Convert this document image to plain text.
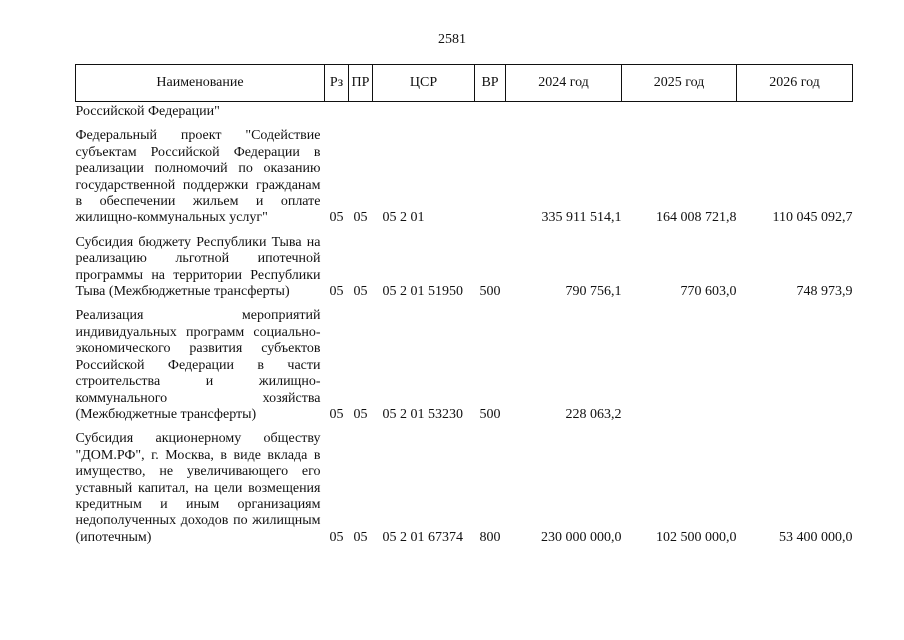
2581
Наименование	Рз	ПР	ЦСР	ВР	2024 год	2025 год	2026 год
Российской Федерации"							

Федеральный проект "Содействие субъектам Российской Федерации в реализации полномочий по оказанию государственной поддержки гражданам в обеспечении жильем и оплате жилищно-коммунальных услуг"	05	05	05 2 01		335 911 514,1	164 008 721,8	110 045 092,7

Субсидия бюджету Республики Тыва на реализацию льготной ипотечной программы на территории Республики Тыва (Межбюджетные трансферты)	05	05	05 2 01 51950	500	790 756,1	770 603,0	748 973,9

Реализация мероприятий индивидуальных программ социально-экономического развития субъектов Российской Федерации в части строительства и жилищно-коммунального хозяйства (Межбюджетные трансферты)	05	05	05 2 01 53230	500	228 063,2		

Субсидия акционерному обществу "ДОМ.РФ", г. Москва, в виде вклада в имущество, не увеличивающего его уставный капитал, на цели возмещения кредитным и иным организациям недополученных доходов по жилищным (ипотечным)	05	05	05 2 01 67374	800	230 000 000,0	102 500 000,0	53 400 000,0
